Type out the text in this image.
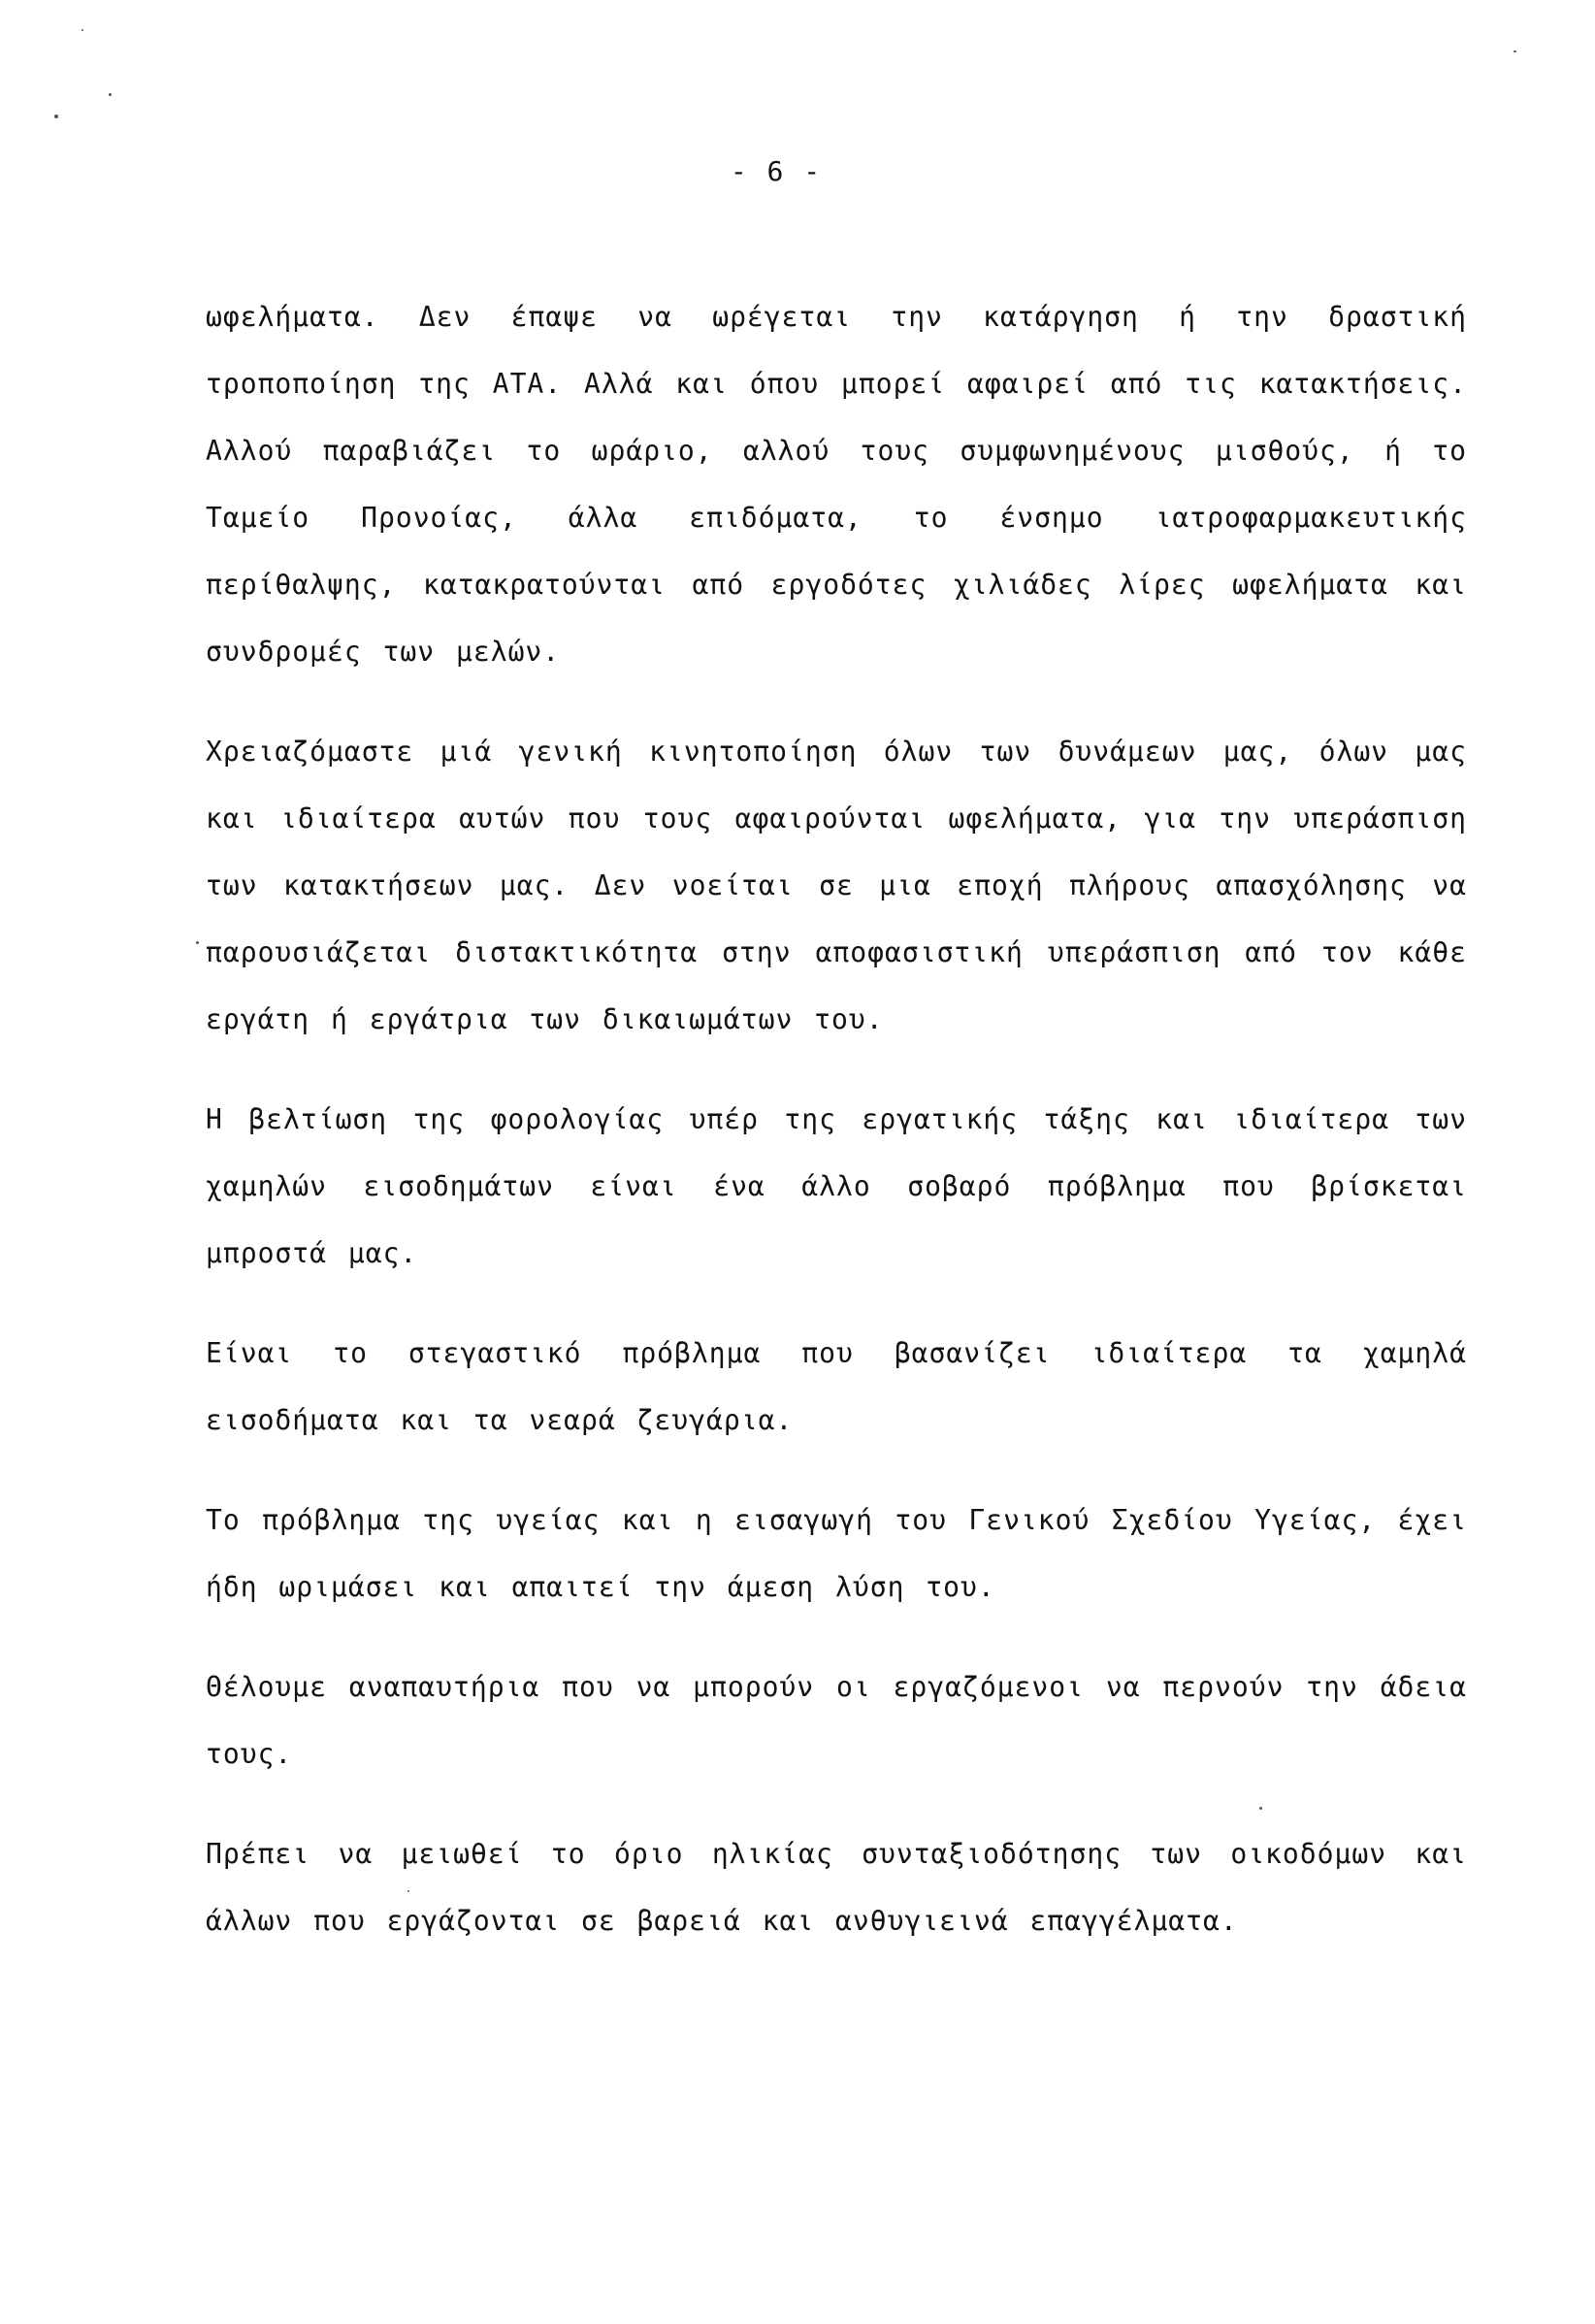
- 6 -

ωφελήματα. Δεν έπαψε να ωρέγεται την κατάργηση ή την δραστική τροποποίηση της ΑΤΑ. Αλλά και όπου μπορεί αφαιρεί από τις κατακτήσεις. Αλλού παραβιάζει το ωράριο, αλλού τους συμφωνημένους μισθούς, ή το Ταμείο Προνοίας, άλλα επιδόματα, το ένσημο ιατροφαρμακευτικής περίθαλψης, κατακρατούνται από εργοδότες χιλιάδες λίρες ωφελήματα και συνδρομές των μελών.

Χρειαζόμαστε μιά γενική κινητοποίηση όλων των δυνάμεων μας, όλων μας και ιδιαίτερα αυτών που τους αφαιρούνται ωφελήματα, για την υπεράσπιση των κατακτήσεων μας. Δεν νοείται σε μια εποχή πλήρους απασχόλησης να παρουσιάζεται διστακτικότητα στην αποφασιστική υπεράσπιση από τον κάθε εργάτη ή εργάτρια των δικαιωμάτων του.

Η βελτίωση της φορολογίας υπέρ της εργατικής τάξης και ιδιαίτερα των χαμηλών εισοδημάτων είναι ένα άλλο σοβαρό πρόβλημα που βρίσκεται μπροστά μας.

Είναι το στεγαστικό πρόβλημα που βασανίζει ιδιαίτερα τα χαμηλά εισοδήματα και τα νεαρά ζευγάρια.

Το πρόβλημα της υγείας και η εισαγωγή του Γενικού Σχεδίου Υγείας, έχει ήδη ωριμάσει και απαιτεί την άμεση λύση του.

Θέλουμε αναπαυτήρια που να μπορούν οι εργαζόμενοι να περνούν την άδεια τους.

Πρέπει να μειωθεί το όριο ηλικίας συνταξιοδότησης των οικοδόμων και άλλων που εργάζονται σε βαρειά και ανθυγιεινά επαγγέλματα.
